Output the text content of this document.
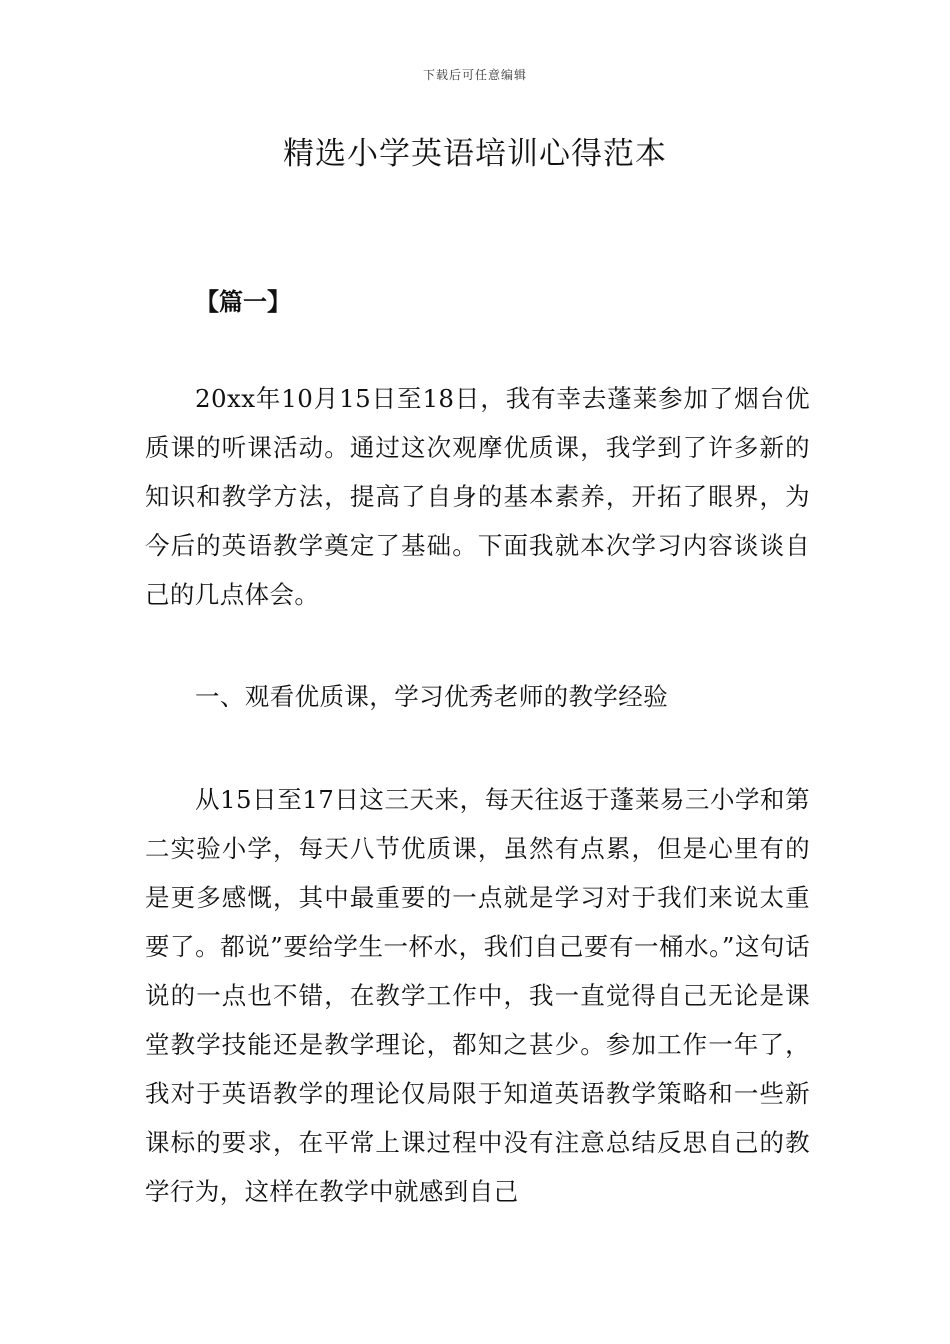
下载后可任意编辑
精选小学英语培训心得范本
【篇一】

20xx年10月15日至18日，我有幸去蓬莱参加了烟台优质课的听课活动。通过这次观摩优质课，我学到了许多新的知识和教学方法，提高了自身的基本素养，开拓了眼界，为今后的英语教学奠定了基础。下面我就本次学习内容谈谈自己的几点体会。

一、观看优质课，学习优秀老师的教学经验

从15日至17日这三天来，每天往返于蓬莱易三小学和第二实验小学，每天八节优质课，虽然有点累，但是心里有的是更多感慨，其中最重要的一点就是学习对于我们来说太重要了。都说”要给学生一杯水，我们自己要有一桶水。”这句话说的一点也不错，在教学工作中，我一直觉得自己无论是课堂教学技能还是教学理论，都知之甚少。参加工作一年了，我对于英语教学的理论仅局限于知道英语教学策略和一些新课标的要求，在平常上课过程中没有注意总结反思自己的教学行为，这样在教学中就感到自己
